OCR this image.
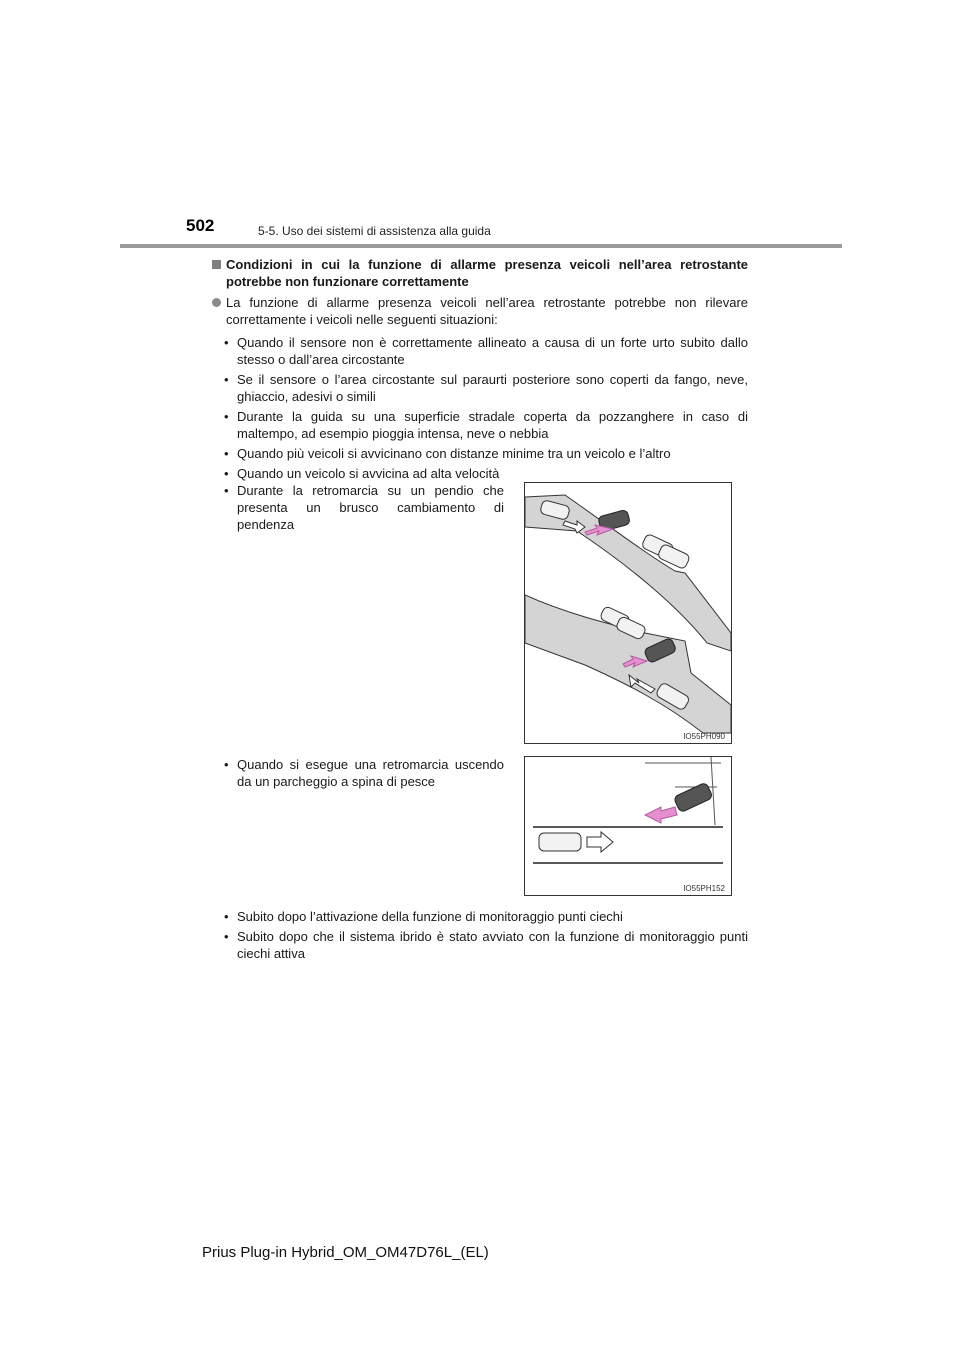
502	5-5. Uso dei sistemi di assistenza alla guida
Condizioni in cui la funzione di allarme presenza veicoli nell’area retrostante potrebbe non funzionare correttamente
La funzione di allarme presenza veicoli nell’area retrostante potrebbe non rilevare correttamente i veicoli nelle seguenti situazioni:
• Quando il sensore non è correttamente allineato a causa di un forte urto subito dallo stesso o dall’area circostante
• Se il sensore o l’area circostante sul paraurti posteriore sono coperti da fango, neve, ghiaccio, adesivi o simili
• Durante la guida su una superficie stradale coperta da pozzanghere in caso di maltempo, ad esempio pioggia intensa, neve o nebbia
• Quando più veicoli si avvicinano con distanze minime tra un veicolo e l’altro
• Quando un veicolo si avvicina ad alta velocità
• Durante la retromarcia su un pendio che presenta un brusco cambiamento di pendenza
IO55PH090
• Quando si esegue una retromarcia uscendo da un parcheggio a spina di pesce
IO55PH152
• Subito dopo l’attivazione della funzione di monitoraggio punti ciechi
• Subito dopo che il sistema ibrido è stato avviato con la funzione di monitoraggio punti ciechi attiva
Prius Plug-in Hybrid_OM_OM47D76L_(EL)
